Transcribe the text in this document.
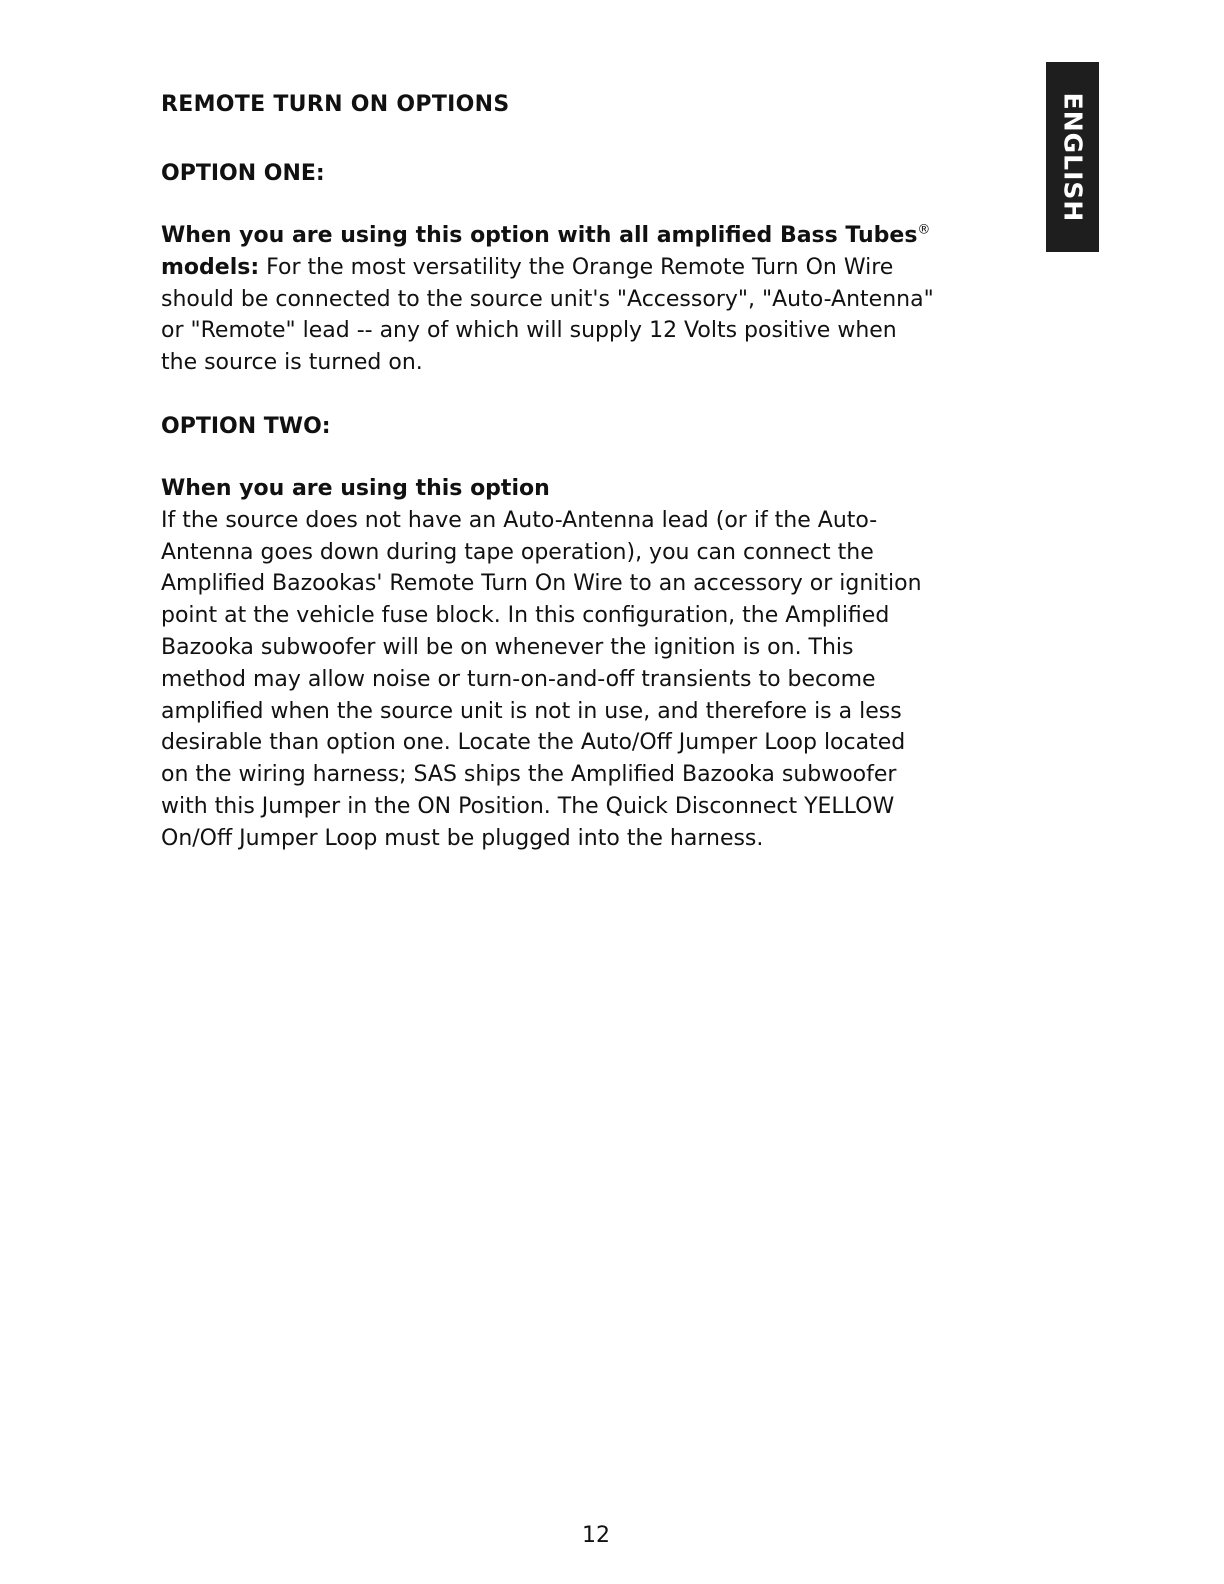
ENGLISH
REMOTE TURN ON OPTIONS
OPTION ONE:
When you are using this option with all amplified Bass Tubes®
models: For the most versatility the Orange Remote Turn On Wire
should be connected to the source unit's "Accessory", "Auto-Antenna"
or "Remote" lead -- any of which will supply 12 Volts positive when
the source is turned on.
OPTION TWO:
When you are using this option
If the source does not have an Auto-Antenna lead (or if the Auto-
Antenna goes down during tape operation), you can connect the
Amplified Bazookas' Remote Turn On Wire to an accessory or ignition
point at the vehicle fuse block. In this configuration, the Amplified
Bazooka subwoofer will be on whenever the ignition is on. This
method may allow noise or turn-on-and-off transients to become
amplified when the source unit is not in use, and therefore is a less
desirable than option one. Locate the Auto/Off Jumper Loop located
on the wiring harness; SAS ships the Amplified Bazooka subwoofer
with this Jumper in the ON Position. The Quick Disconnect YELLOW
On/Off Jumper Loop must be plugged into the harness.
12
